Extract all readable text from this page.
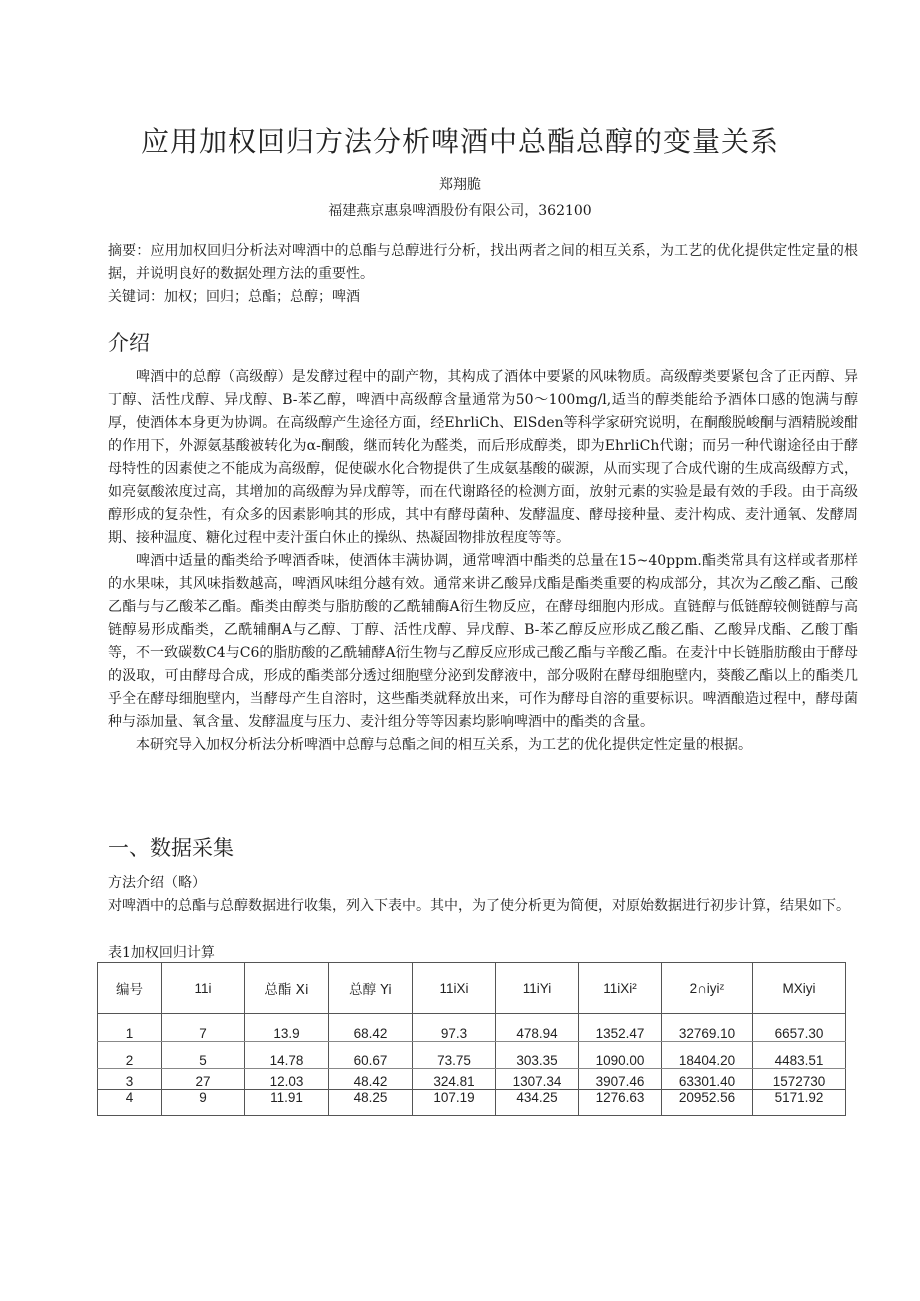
应用加权回归方法分析啤酒中总酯总醇的变量关系
郑翔脆
福建燕京惠泉啤酒股份有限公司，362100

摘要：应用加权回归分析法对啤酒中的总酯与总醇进行分析，找出两者之间的相互关系，为工艺的优化提供定性定量的根据，并说明良好的数据处理方法的重要性。

关键词：加权；回归；总酯；总醇；啤酒

介绍

啤酒中的总醇（高级醇）是发酵过程中的副产物，其构成了酒体中要紧的风味物质。高级醇类要紧包含了正丙醇、异丁醇、活性戊醇、异戊醇、B-苯乙醇，啤酒中高级醇含量通常为50～100mg/l,适当的醇类能给予酒体口感的饱满与醇厚，使酒体本身更为协调。在高级醇产生途径方面，经EhrliCh、ElSden等科学家研究说明，在酮酸脱峻酮与酒精脱竣酣的作用下，外源氨基酸被转化为α-酮酸，继而转化为醛类，而后形成醇类，即为EhrliCh代谢；而另一种代谢途径由于酵母特性的因素使之不能成为高级醇，促使碳水化合物提供了生成氨基酸的碳源，从而实现了合成代谢的生成高级醇方式，如亮氨酸浓度过高，其增加的高级醇为异戊醇等，而在代谢路径的检测方面，放射元素的实验是最有效的手段。由于高级醇形成的复杂性，有众多的因素影响其的形成，其中有酵母菌种、发酵温度、酵母接种量、麦汁构成、麦汁通氧、发酵周期、接种温度、糖化过程中麦汁蛋白休止的操纵、热凝固物排放程度等等。

啤酒中适量的酯类给予啤酒香味，使酒体丰满协调，通常啤酒中酯类的总量在15~40ppm.酯类常具有这样或者那样的水果味，其风味指数越高，啤酒风味组分越有效。通常来讲乙酸异戊酯是酯类重要的构成部分，其次为乙酸乙酯、己酸乙酯与与乙酸苯乙酯。酯类由醇类与脂肪酸的乙酰辅酶A衍生物反应，在酵母细胞内形成。直链醇与低链醇较侧链醇与高链醇易形成酯类，乙酰辅酮A与乙醇、丁醇、活性戊醇、异戊醇、B-苯乙醇反应形成乙酸乙酯、乙酸异戊酯、乙酸丁酯等，不一致碳数C4与C6的脂肪酸的乙酰辅酵A衍生物与乙醇反应形成己酸乙酯与辛酸乙酯。在麦汁中长链脂肪酸由于酵母的汲取，可由酵母合成，形成的酯类部分透过细胞壁分泌到发酵液中，部分吸附在酵母细胞壁内，葵酸乙酯以上的酯类几乎全在酵母细胞壁内，当酵母产生自溶时，这些酯类就释放出来，可作为酵母自溶的重要标识。啤酒酿造过程中，酵母菌种与添加量、氧含量、发酵温度与压力、麦汁组分等等因素均影响啤酒中的酯类的含量。

本研究导入加权分析法分析啤酒中总醇与总酯之间的相互关系，为工艺的优化提供定性定量的根据。

一、数据采集

方法介绍（略）

对啤酒中的总酯与总醇数据进行收集，列入下表中。其中，为了使分析更为简便，对原始数据进行初步计算，结果如下。

表1加权回归计算
编号	11i	总酯 Xi	总醇 Yi	11iXi	11iYi	11iXi²	2∩iyiᶻ	MXiyi
1	7	13.9	68.42	97.3	478.94	1352.47	32769.10	6657.30
2	5	14.78	60.67	73.75	303.35	1090.00	18404.20	4483.51
3	27	12.03	48.42	324.81	1307.34	3907.46	63301.40	1572730
4	9	11.91	48.25	107.19	434.25	1276.63	20952.56	5171.92
